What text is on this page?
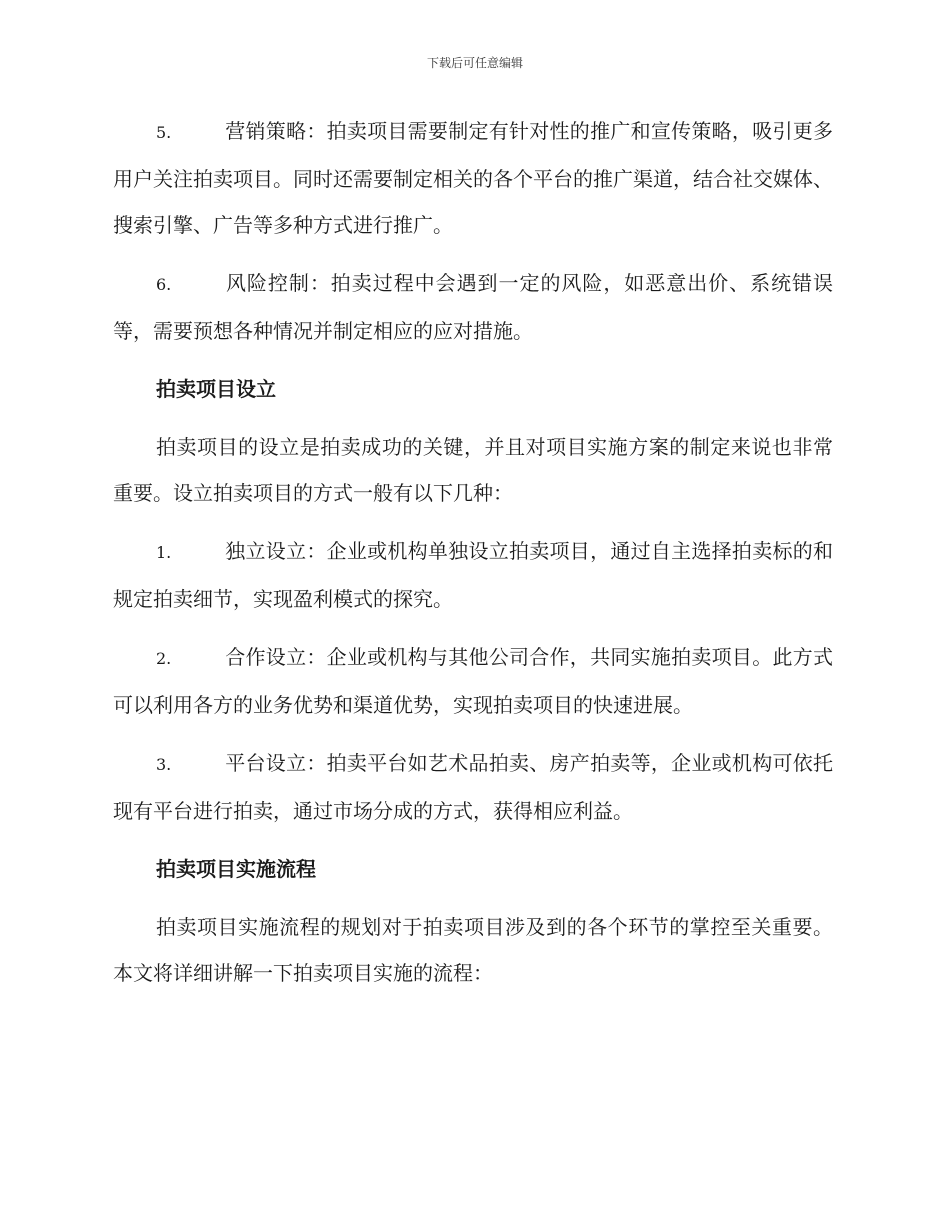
下载后可任意编辑

5.	营销策略：拍卖项目需要制定有针对性的推广和宣传策略，吸引更多用户关注拍卖项目。同时还需要制定相关的各个平台的推广渠道，结合社交媒体、搜索引擎、广告等多种方式进行推广。

6.	风险控制：拍卖过程中会遇到一定的风险，如恶意出价、系统错误等，需要预想各种情况并制定相应的应对措施。

拍卖项目设立

拍卖项目的设立是拍卖成功的关键，并且对项目实施方案的制定来说也非常重要。设立拍卖项目的方式一般有以下几种：

1.	独立设立：企业或机构单独设立拍卖项目，通过自主选择拍卖标的和规定拍卖细节，实现盈利模式的探究。

2.	合作设立：企业或机构与其他公司合作，共同实施拍卖项目。此方式可以利用各方的业务优势和渠道优势，实现拍卖项目的快速进展。

3.	平台设立：拍卖平台如艺术品拍卖、房产拍卖等，企业或机构可依托现有平台进行拍卖，通过市场分成的方式，获得相应利益。

拍卖项目实施流程

拍卖项目实施流程的规划对于拍卖项目涉及到的各个环节的掌控至关重要。本文将详细讲解一下拍卖项目实施的流程：
